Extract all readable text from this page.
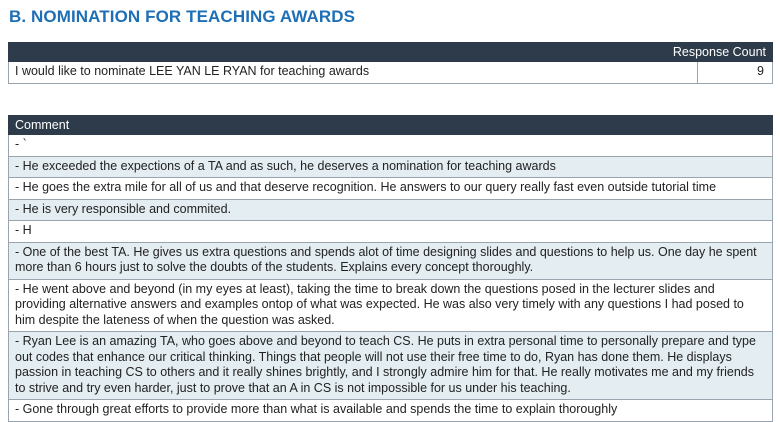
B. NOMINATION FOR TEACHING AWARDS
Response Count
I would like to nominate LEE YAN LE RYAN for teaching awards	9
Comment
- `
- He exceeded the expections of a TA and as such, he deserves a nomination for teaching awards
- He goes the extra mile for all of us and that deserve recognition. He answers to our query really fast even outside tutorial time
- He is very responsible and commited.
- H
- One of the best TA. He gives us extra questions and spends alot of time designing slides and questions to help us. One day he spent more than 6 hours just to solve the doubts of the students. Explains every concept thoroughly.
- He went above and beyond (in my eyes at least), taking the time to break down the questions posed in the lecturer slides and providing alternative answers and examples ontop of what was expected. He was also very timely with any questions I had posed to him despite the lateness of when the question was asked.
- Ryan Lee is an amazing TA, who goes above and beyond to teach CS. He puts in extra personal time to personally prepare and type out codes that enhance our critical thinking. Things that people will not use their free time to do, Ryan has done them. He displays passion in teaching CS to others and it really shines brightly, and I strongly admire him for that. He really motivates me and my friends to strive and try even harder, just to prove that an A in CS is not impossible for us under his teaching.
- Gone through great efforts to provide more than what is available and spends the time to explain thoroughly
